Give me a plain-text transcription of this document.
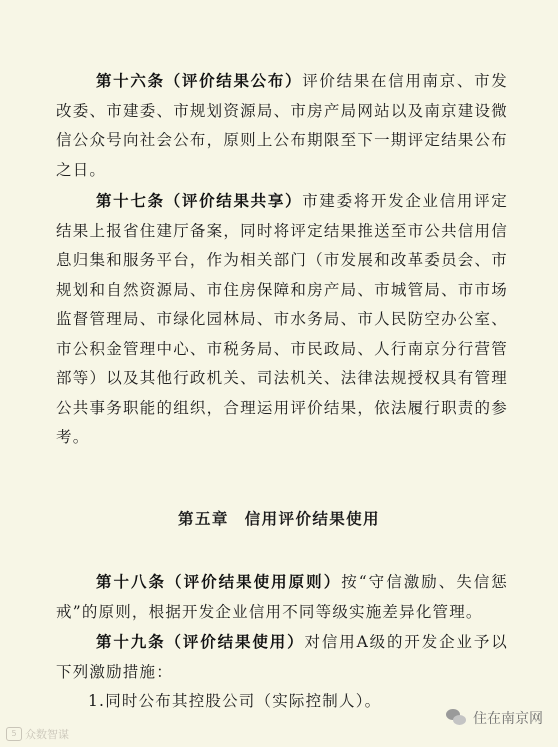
第十六条（评价结果公布）评价结果在信用南京、市发改委、市建委、市规划资源局、市房产局网站以及南京建设微信公众号向社会公布，原则上公布期限至下一期评定结果公布之日。

第十七条（评价结果共享）市建委将开发企业信用评定结果上报省住建厅备案，同时将评定结果推送至市公共信用信息归集和服务平台，作为相关部门（市发展和改革委员会、市规划和自然资源局、市住房保障和房产局、市城管局、市市场监督管理局、市绿化园林局、市水务局、市人民防空办公室、市公积金管理中心、市税务局、市民政局、人行南京分行营管部等）以及其他行政机关、司法机关、法律法规授权具有管理公共事务职能的组织，合理运用评价结果，依法履行职责的参考。

第五章 信用评价结果使用

第十八条（评价结果使用原则）按“守信激励、失信惩戒”的原则，根据开发企业信用不同等级实施差异化管理。

第十九条（评价结果使用）对信用A级的开发企业予以下列激励措施：

1.同时公布其控股公司（实际控制人）。

5 众数智谋
住在南京网
